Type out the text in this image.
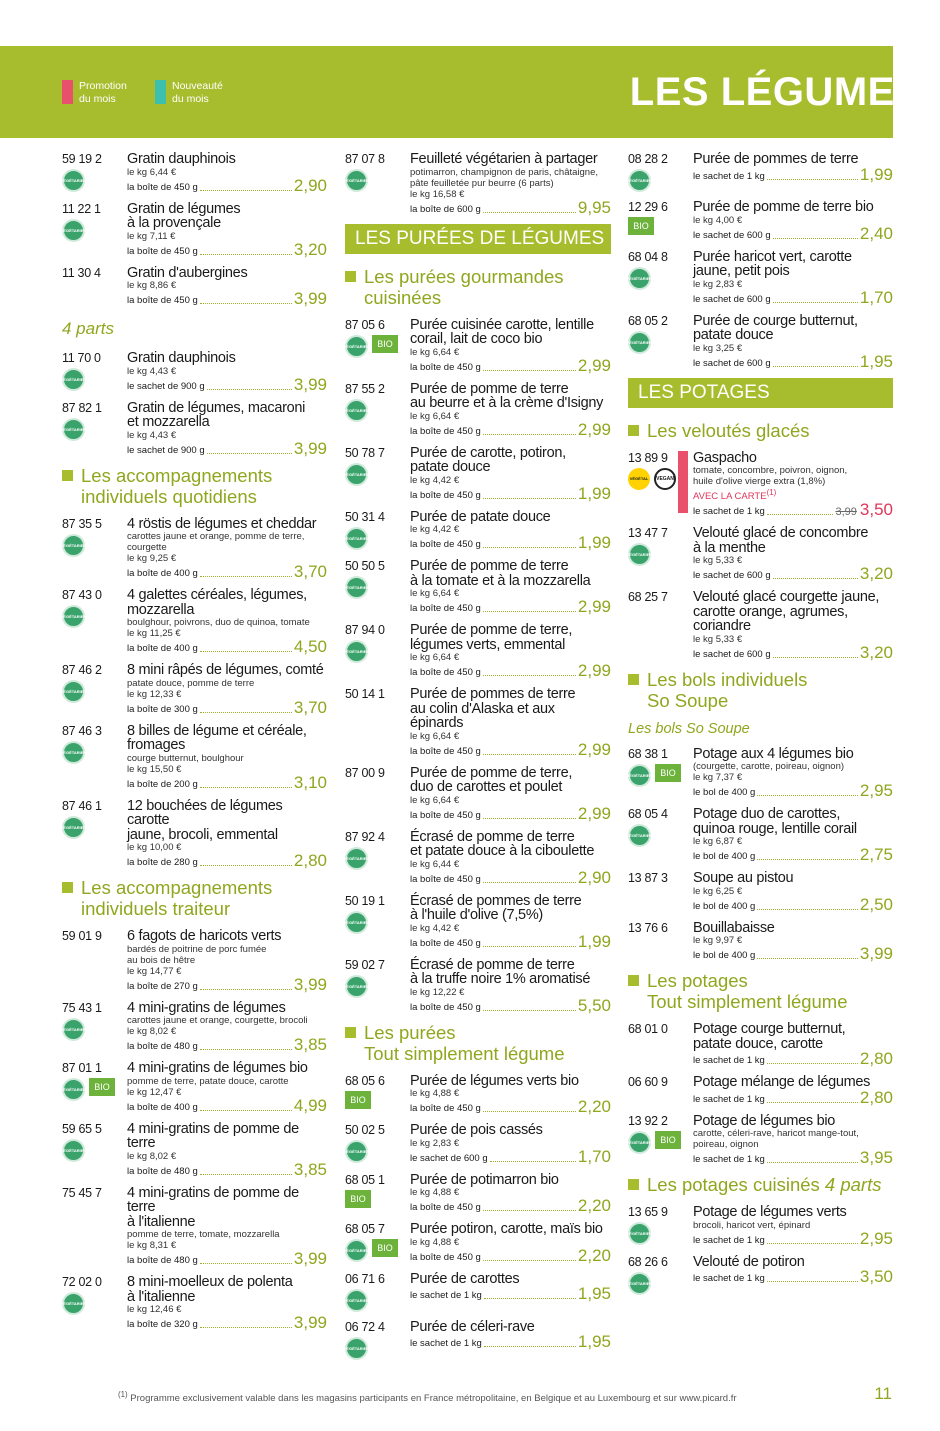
Promotion
du mois
Nouveauté
du mois	LES LÉGUMES
59 19 2
VÉGÉTARIEN
Gratin dauphinois
le kg 6,44 €
la boîte de 450 g	2,90
11 22 1
VÉGÉTARIEN
Gratin de légumes
à la provençale
le kg 7,11 €
la boîte de 450 g	3,20
11 30 4	Gratin d'aubergines
le kg 8,86 €
la boîte de 450 g	3,99
4 parts
11 70 0
VÉGÉTARIEN
Gratin dauphinois
le kg 4,43 €
le sachet de 900 g	3,99
87 82 1
VÉGÉTARIEN
Gratin de légumes, macaroni
et mozzarella
le kg 4,43 €
le sachet de 900 g	3,99
Les accompagnements
individuels quotidiens
87 35 5
VÉGÉTARIEN
4 röstis de légumes et cheddar
carottes jaune et orange, pomme de terre,
courgette
le kg 9,25 €
la boîte de 400 g	3,70
87 43 0
VÉGÉTARIEN
4 galettes céréales, légumes,
mozzarella
boulghour, poivrons, duo de quinoa, tomate
le kg 11,25 €
la boîte de 400 g	4,50
87 46 2
VÉGÉTARIEN
8 mini râpés de légumes, comté
patate douce, pomme de terre
le kg 12,33 €
la boîte de 300 g	3,70
87 46 3
VÉGÉTARIEN
8 billes de légume et céréale,
fromages
courge butternut, boulghour
le kg 15,50 €
la boîte de 200 g	3,10
87 46 1
VÉGÉTARIEN
12 bouchées de légumes carotte
jaune, brocoli, emmental
le kg 10,00 €
la boîte de 280 g	2,80
Les accompagnements
individuels traiteur
59 01 9	6 fagots de haricots verts
bardés de poitrine de porc fumée
au bois de hêtre
le kg 14,77 €
la boîte de 270 g	3,99
75 43 1
VÉGÉTARIEN
4 mini-gratins de légumes
carottes jaune et orange, courgette, brocoli
le kg 8,02 €
la boîte de 480 g	3,85
87 01 1
VÉGÉTARIEN BIO
4 mini-gratins de légumes bio
pomme de terre, patate douce, carotte
le kg 12,47 €
la boîte de 400 g	4,99
59 65 5
VÉGÉTARIEN
4 mini-gratins de pomme de terre
le kg 8,02 €
la boîte de 480 g	3,85
75 45 7	4 mini-gratins de pomme de terre
à l'italienne
pomme de terre, tomate, mozzarella
le kg 8,31 €
la boîte de 480 g	3,99
72 02 0
VÉGÉTARIEN
8 mini-moelleux de polenta
à l'italienne
le kg 12,46 €
la boîte de 320 g	3,99
87 07 8
VÉGÉTARIEN
Feuilleté végétarien à partager
potimarron, champignon de paris, châtaigne,
pâte feuilletée pur beurre (6 parts)
le kg 16,58 €
la boîte de 600 g	9,95
LES PURÉES DE LÉGUMES
Les purées gourmandes
cuisinées
87 05 6
VÉGÉTARIEN BIO
Purée cuisinée carotte, lentille
corail, lait de coco bio
le kg 6,64 €
la boîte de 450 g	2,99
87 55 2
VÉGÉTARIEN
Purée de pomme de terre
au beurre et à la crème d'Isigny
le kg 6,64 €
la boîte de 450 g	2,99
50 78 7
VÉGÉTARIEN
Purée de carotte, potiron,
patate douce
le kg 4,42 €
la boîte de 450 g	1,99
50 31 4
VÉGÉTARIEN
Purée de patate douce
le kg 4,42 €
la boîte de 450 g	1,99
50 50 5
VÉGÉTARIEN
Purée de pomme de terre
à la tomate et à la mozzarella
le kg 6,64 €
la boîte de 450 g	2,99
87 94 0
VÉGÉTARIEN
Purée de pomme de terre,
légumes verts, emmental
le kg 6,64 €
la boîte de 450 g	2,99
50 14 1	Purée de pommes de terre
au colin d'Alaska et aux épinards
le kg 6,64 €
la boîte de 450 g	2,99
87 00 9	Purée de pomme de terre,
duo de carottes et poulet
le kg 6,64 €
la boîte de 450 g	2,99
87 92 4
VÉGÉTARIEN
Écrasé de pomme de terre
et patate douce à la ciboulette
le kg 6,44 €
la boîte de 450 g	2,90
50 19 1
VÉGÉTARIEN
Écrasé de pommes de terre
à l'huile d'olive (7,5%)
le kg 4,42 €
la boîte de 450 g	1,99
59 02 7
VÉGÉTARIEN
Écrasé de pomme de terre
à la truffe noire 1% aromatisé
le kg 12,22 €
la boîte de 450 g	5,50
Les purées
Tout simplement légume
68 05 6
BIO
Purée de légumes verts bio
le kg 4,88 €
la boîte de 450 g	2,20
50 02 5
VÉGÉTARIEN
Purée de pois cassés
le kg 2,83 €
le sachet de 600 g	1,70
68 05 1
BIO
Purée de potimarron bio
le kg 4,88 €
la boîte de 450 g	2,20
68 05 7
VÉGÉTARIEN BIO
Purée potiron, carotte, maïs bio
le kg 4,88 €
la boîte de 450 g	2,20
06 71 6
VÉGÉTARIEN
Purée de carottes
le sachet de 1 kg	1,95
06 72 4
VÉGÉTARIEN
Purée de céleri-rave
le sachet de 1 kg	1,95
08 28 2
VÉGÉTARIEN
Purée de pommes de terre
le sachet de 1 kg	1,99
12 29 6
BIO
Purée de pomme de terre bio
le kg 4,00 €
le sachet de 600 g	2,40
68 04 8
VÉGÉTARIEN
Purée haricot vert, carotte
jaune, petit pois
le kg 2,83 €
le sachet de 600 g	1,70
68 05 2
VÉGÉTARIEN
Purée de courge butternut,
patate douce
le kg 3,25 €
le sachet de 600 g	1,95
LES POTAGES
Les veloutés glacés
13 89 9
VÉGÉTAL	VEGAN
Gaspacho
tomate, concombre, poivron, oignon,
huile d'olive vierge extra (1,8%)
AVEC LA CARTE$^{(1)}$
le sachet de 1 kg	3,99 3,50
13 47 7
VÉGÉTARIEN
Velouté glacé de concombre
à la menthe
le kg 5,33 €
le sachet de 600 g	3,20
68 25 7	Velouté glacé courgette jaune,
carotte orange, agrumes,
coriandre
le kg 5,33 €
le sachet de 600 g	3,20
Les bols individuels
So Soupe
Les bols So Soupe
68 38 1
VÉGÉTARIEN BIO
Potage aux 4 légumes bio
(courgette, carotte, poireau, oignon)
le kg 7,37 €
le bol de 400 g	2,95
68 05 4
VÉGÉTARIEN
Potage duo de carottes,
quinoa rouge, lentille corail
le kg 6,87 €
le bol de 400 g	2,75
13 87 3	Soupe au pistou
le kg 6,25 €
le bol de 400 g	2,50
13 76 6	Bouillabaisse
le kg 9,97 €
le bol de 400 g	3,99
Les potages
Tout simplement légume
68 01 0	Potage courge butternut,
patate douce, carotte
le sachet de 1 kg	2,80
06 60 9	Potage mélange de légumes
le sachet de 1 kg	2,80
13 92 2
VÉGÉTARIEN BIO
Potage de légumes bio
carotte, céleri-rave, haricot mange-tout,
poireau, oignon
le sachet de 1 kg	3,95
Les potages cuisinés 4 parts
13 65 9
VÉGÉTARIEN
Potage de légumes verts
brocoli, haricot vert, épinard
le sachet de 1 kg	2,95
68 26 6
VÉGÉTARIEN
Velouté de potiron
le sachet de 1 kg	3,50
$^{(1)}$ Programme exclusivement valable dans les magasins participants en France métropolitaine, en Belgique et au Luxembourg et sur www.picard.fr	11
